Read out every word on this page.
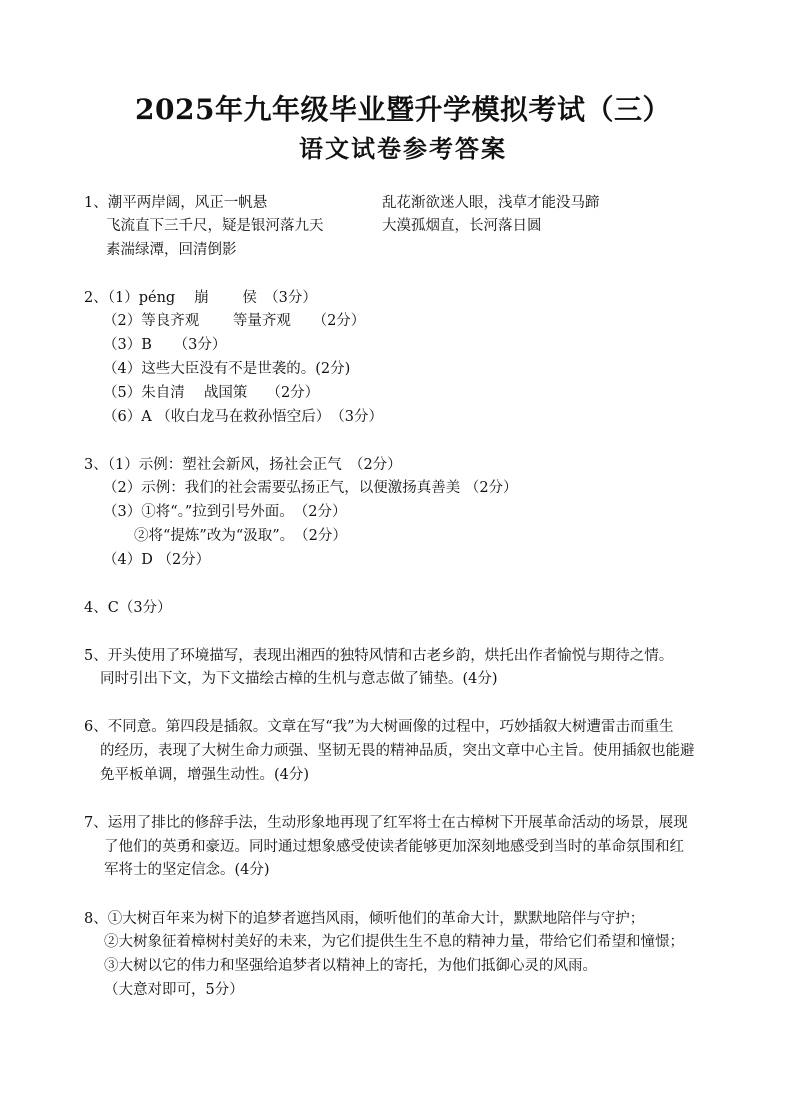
2025年九年级毕业暨升学模拟考试（三）
语文试卷参考答案
1、潮平两岸阔，风正一帆悬	乱花渐欲迷人眼，浅草才能没马蹄
飞流直下三千尺，疑是银河落九天	大漠孤烟直，长河落日圆
素湍绿潭，回清倒影
2、（1）péng　 崩　　 侯　（3分）
（2）等良齐观　　 等量齐观　　（2分）
（3）B　　（3分）
（4）这些大臣没有不是世袭的。(2分)
（5）朱自清　 战国策　 （2分）
（6）A （收白龙马在救孙悟空后）　（3分）
3、（1）示例：塑社会新风，扬社会正气　（2分）
（2）示例：我们的社会需要弘扬正气，以便激扬真善美 （2分）
（3）①将“。”拉到引号外面。　（2分）
②将“提炼”改为“汲取”。　（2分）
（4）D （2分）
4、C（3分）
5、开头使用了环境描写，表现出湘西的独特风情和古老乡韵，烘托出作者愉悦与期待之情。
同时引出下文，为下文描绘古樟的生机与意志做了铺垫。(4分)
6、不同意。第四段是插叙。文章在写“我”为大树画像的过程中，巧妙插叙大树遭雷击而重生
的经历，表现了大树生命力顽强、坚韧无畏的精神品质，突出文章中心主旨。使用插叙也能避
免平板单调，增强生动性。(4分)
7、运用了排比的修辞手法，生动形象地再现了红军将士在古樟树下开展革命活动的场景，展现
了他们的英勇和豪迈。同时通过想象感受使读者能够更加深刻地感受到当时的革命氛围和红
军将士的坚定信念。(4分)
8、①大树百年来为树下的追梦者遮挡风雨，倾听他们的革命大计，默默地陪伴与守护；
②大树象征着樟树村美好的未来，为它们提供生生不息的精神力量，带给它们希望和憧憬；
③大树以它的伟力和坚强给追梦者以精神上的寄托，为他们抵御心灵的风雨。
（大意对即可，5分）
